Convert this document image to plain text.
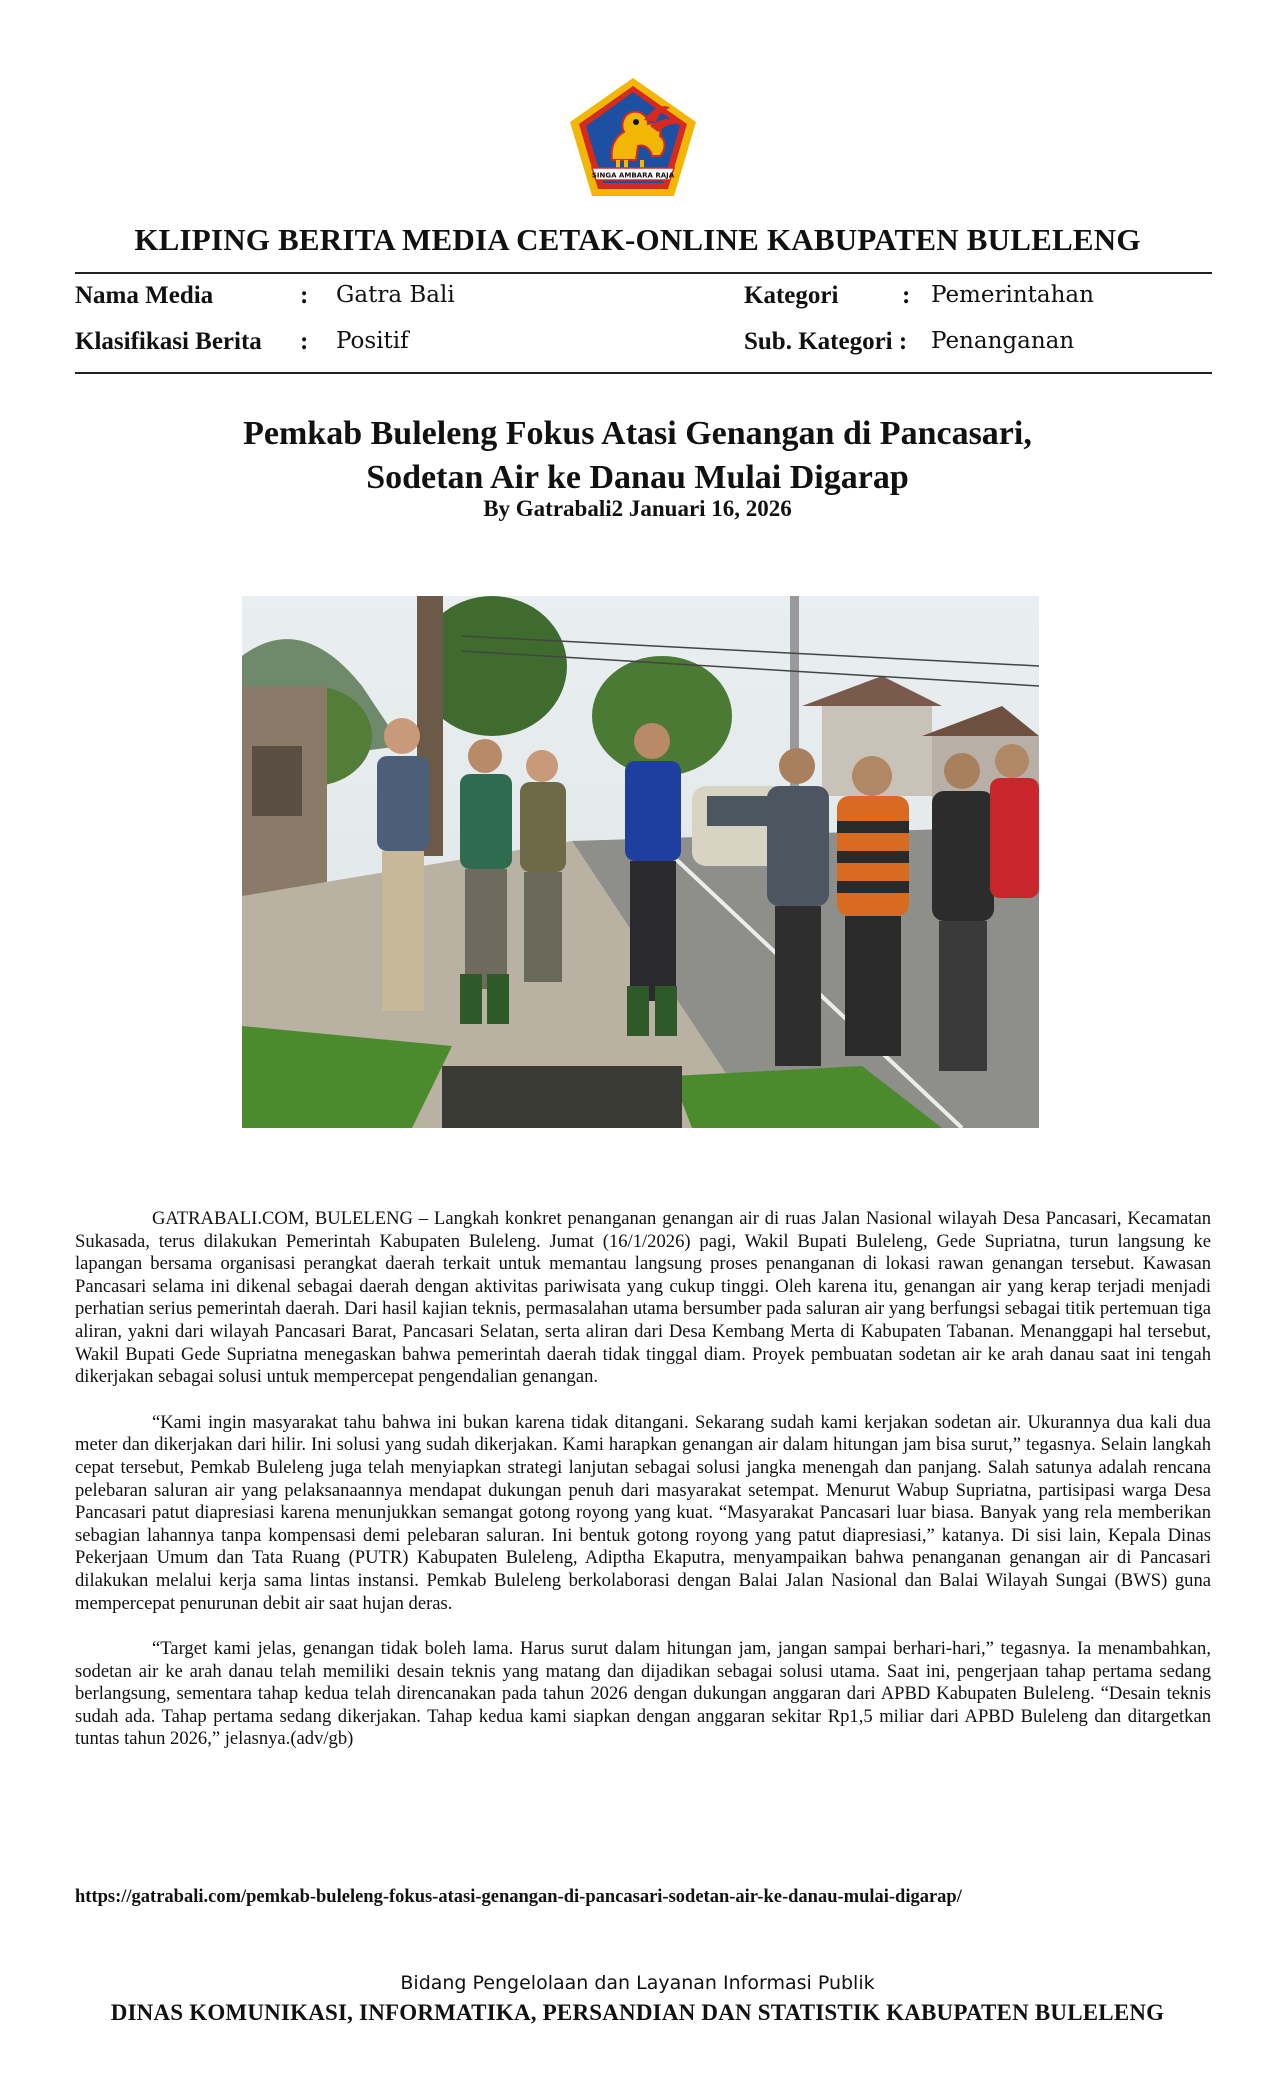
SINGA AMBARA RAJA
KLIPING BERITA MEDIA CETAK-ONLINE KABUPATEN BULELENG
Nama Media	: Gatra Bali	Kategori	: Pemerintahan
Klasifikasi Berita : Positif	Sub. Kategori : Penanganan
Pemkab Buleleng Fokus Atasi Genangan di Pancasari,
Sodetan Air ke Danau Mulai Digarap
By Gatrabali2 Januari 16, 2026

GATRABALI.COM, BULELENG – Langkah konkret penanganan genangan air di ruas Jalan Nasional wilayah Desa Pancasari, Kecamatan Sukasada, terus dilakukan Pemerintah Kabupaten Buleleng. Jumat (16/1/2026) pagi, Wakil Bupati Buleleng, Gede Supriatna, turun langsung ke lapangan bersama organisasi perangkat daerah terkait untuk memantau langsung proses penanganan di lokasi rawan genangan tersebut. Kawasan Pancasari selama ini dikenal sebagai daerah dengan aktivitas pariwisata yang cukup tinggi. Oleh karena itu, genangan air yang kerap terjadi menjadi perhatian serius pemerintah daerah. Dari hasil kajian teknis, permasalahan utama bersumber pada saluran air yang berfungsi sebagai titik pertemuan tiga aliran, yakni dari wilayah Pancasari Barat, Pancasari Selatan, serta aliran dari Desa Kembang Merta di Kabupaten Tabanan. Menanggapi hal tersebut, Wakil Bupati Gede Supriatna menegaskan bahwa pemerintah daerah tidak tinggal diam. Proyek pembuatan sodetan air ke arah danau saat ini tengah dikerjakan sebagai solusi untuk mempercepat pengendalian genangan.

“Kami ingin masyarakat tahu bahwa ini bukan karena tidak ditangani. Sekarang sudah kami kerjakan sodetan air. Ukurannya dua kali dua meter dan dikerjakan dari hilir. Ini solusi yang sudah dikerjakan. Kami harapkan genangan air dalam hitungan jam bisa surut,” tegasnya. Selain langkah cepat tersebut, Pemkab Buleleng juga telah menyiapkan strategi lanjutan sebagai solusi jangka menengah dan panjang. Salah satunya adalah rencana pelebaran saluran air yang pelaksanaannya mendapat dukungan penuh dari masyarakat setempat. Menurut Wabup Supriatna, partisipasi warga Desa Pancasari patut diapresiasi karena menunjukkan semangat gotong royong yang kuat. “Masyarakat Pancasari luar biasa. Banyak yang rela memberikan sebagian lahannya tanpa kompensasi demi pelebaran saluran. Ini bentuk gotong royong yang patut diapresiasi,” katanya. Di sisi lain, Kepala Dinas Pekerjaan Umum dan Tata Ruang (PUTR) Kabupaten Buleleng, Adiptha Ekaputra, menyampaikan bahwa penanganan genangan air di Pancasari dilakukan melalui kerja sama lintas instansi. Pemkab Buleleng berkolaborasi dengan Balai Jalan Nasional dan Balai Wilayah Sungai (BWS) guna mempercepat penurunan debit air saat hujan deras.

“Target kami jelas, genangan tidak boleh lama. Harus surut dalam hitungan jam, jangan sampai berhari-hari,” tegasnya. Ia menambahkan, sodetan air ke arah danau telah memiliki desain teknis yang matang dan dijadikan sebagai solusi utama. Saat ini, pengerjaan tahap pertama sedang berlangsung, sementara tahap kedua telah direncanakan pada tahun 2026 dengan dukungan anggaran dari APBD Kabupaten Buleleng. “Desain teknis sudah ada. Tahap pertama sedang dikerjakan. Tahap kedua kami siapkan dengan anggaran sekitar Rp1,5 miliar dari APBD Buleleng dan ditargetkan tuntas tahun 2026,” jelasnya.(adv/gb)

https://gatrabali.com/pemkab-buleleng-fokus-atasi-genangan-di-pancasari-sodetan-air-ke-danau-mulai-digarap/
Bidang Pengelolaan dan Layanan Informasi Publik
DINAS KOMUNIKASI, INFORMATIKA, PERSANDIAN DAN STATISTIK KABUPATEN BULELENG
